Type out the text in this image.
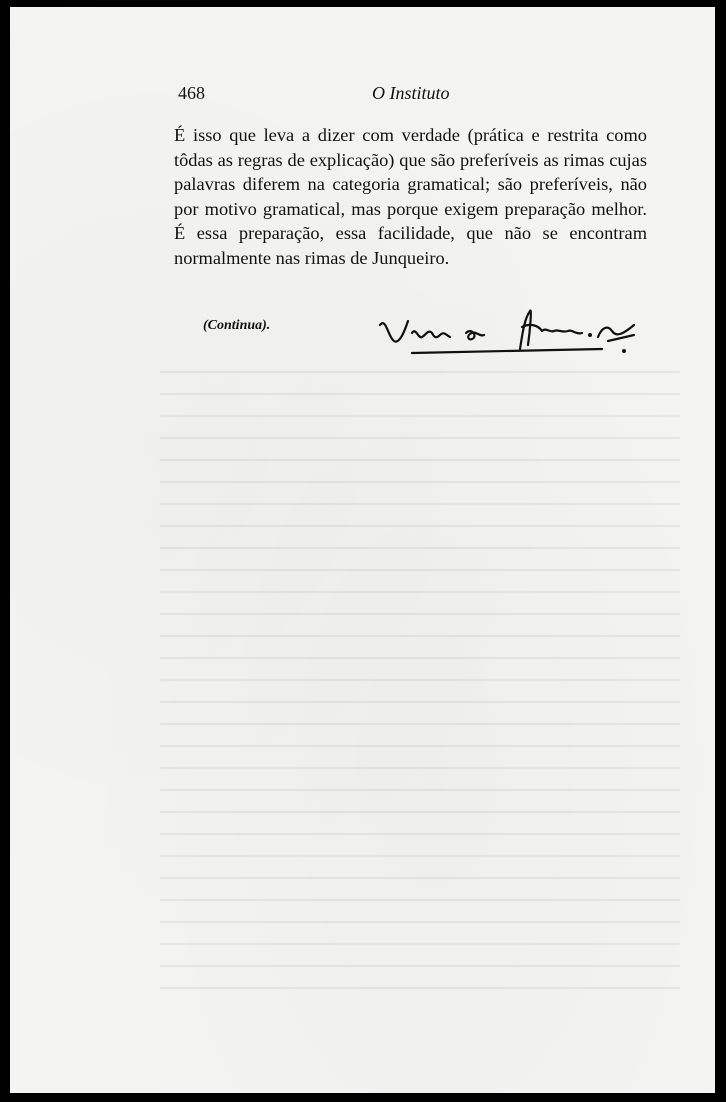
468	O Instituto

É isso que leva a dizer com verdade (prática e restrita como tôdas as regras de explicação) que são preferíveis as rimas cujas palavras diferem na categoria gramatical; são preferíveis, não por motivo gramatical, mas porque exigem preparação melhor. É essa preparação, essa facilidade, que não se encontram normalmente nas rimas de Junqueiro.

(Continua).
